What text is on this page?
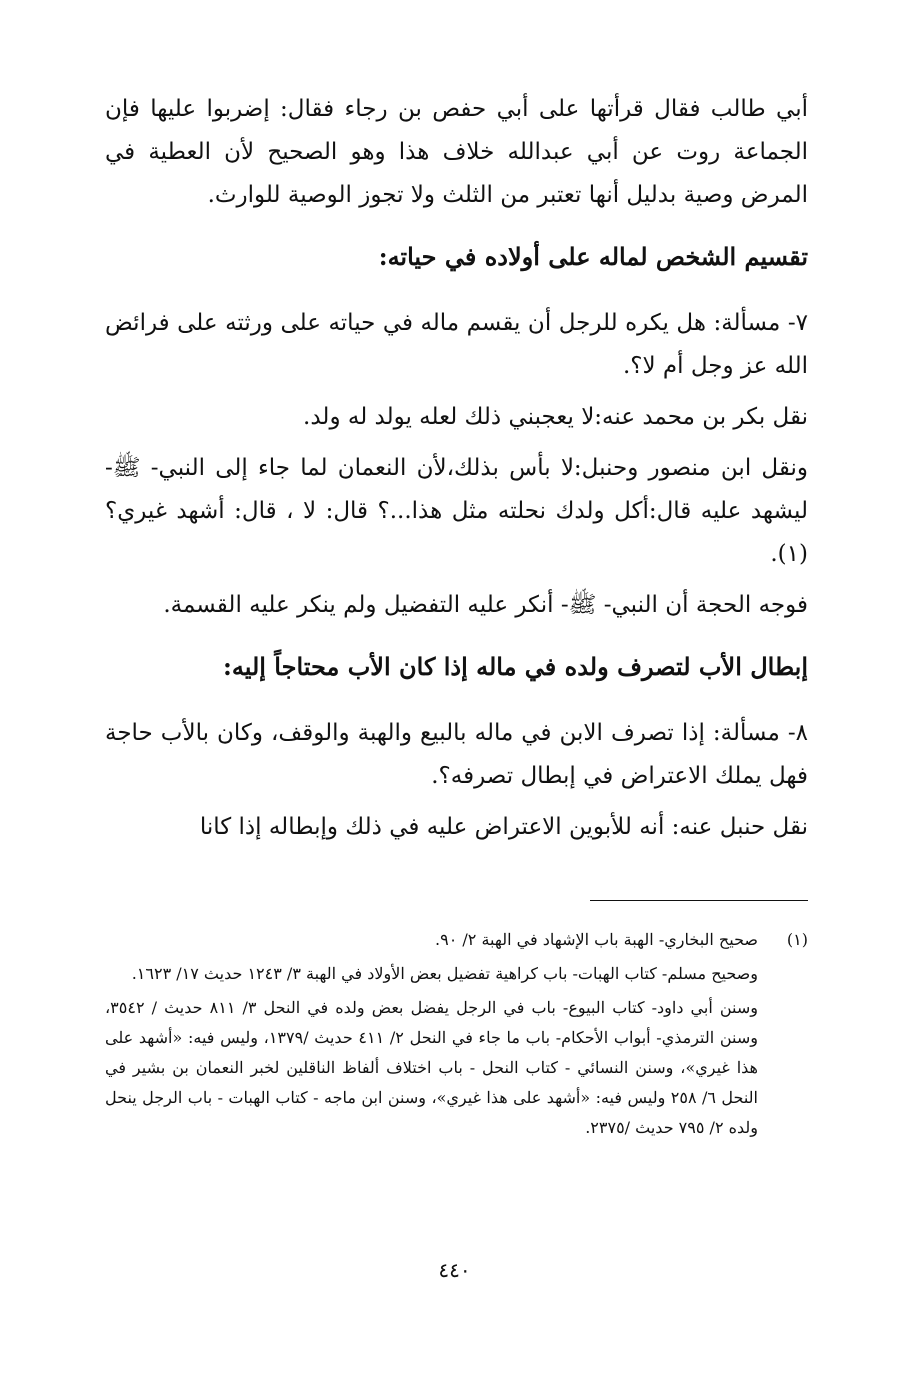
أبي طالب فقال قرأتها على أبي حفص بن رجاء فقال: إضربوا عليها فإن الجماعة روت عن أبي عبدالله خلاف هذا وهو الصحيح لأن العطية في المرض وصية بدليل أنها تعتبر من الثلث ولا تجوز الوصية للوارث.

تقسيم الشخص لماله على أولاده في حياته:

٧- مسألة: هل يكره للرجل أن يقسم ماله في حياته على ورثته على فرائض الله عز وجل أم لا؟.

نقل بكر بن محمد عنه:لا يعجبني ذلك لعله يولد له ولد.

ونقل ابن منصور وحنبل:لا بأس بذلك،لأن النعمان لما جاء إلى النبي- ﷺ- ليشهد عليه قال:أكل ولدك نحلته مثل هذا...؟ قال: لا ، قال: أشهد غيري؟(١).

فوجه الحجة أن النبي- ﷺ- أنكر عليه التفضيل ولم ينكر عليه القسمة.

إبطال الأب لتصرف ولده في ماله إذا كان الأب محتاجاً إليه:

٨- مسألة: إذا تصرف الابن في ماله بالبيع والهبة والوقف، وكان بالأب حاجة فهل يملك الاعتراض في إبطال تصرفه؟.

نقل حنبل عنه: أنه للأبوين الاعتراض عليه في ذلك وإبطاله إذا كانا

(١)

صحيح البخاري- الهبة باب الإشهاد في الهبة ٢/ ٩٠.

وصحيح مسلم- كتاب الهبات- باب كراهية تفضيل بعض الأولاد في الهبة ٣/ ١٢٤٣ حديث ١٧/ ١٦٢٣.

وسنن أبي داود- كتاب البيوع- باب في الرجل يفضل بعض ولده في النحل ٣/ ٨١١ حديث / ٣٥٤٢، وسنن الترمذي- أبواب الأحكام- باب ما جاء في النحل ٢/ ٤١١ حديث /١٣٧٩، وليس فيه: «أشهد على هذا غيري»، وسنن النسائي - كتاب النحل - باب اختلاف ألفاظ الناقلين لخبر النعمان بن بشير في النحل ٦/ ٢٥٨ وليس فيه: «أشهد على هذا غيري»، وسنن ابن ماجه - كتاب الهبات - باب الرجل ينحل ولده ٢/ ٧٩٥ حديث /٢٣٧٥.

٤٤٠
